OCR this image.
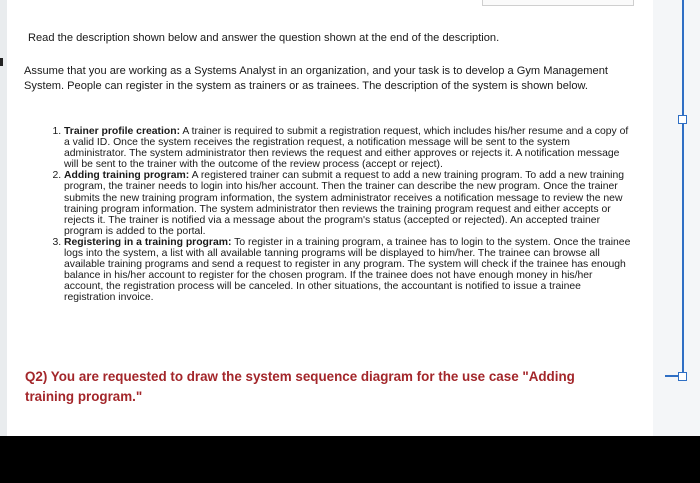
Read the description shown below and answer the question shown at the end of the description.

Assume that you are working as a Systems Analyst in an organization, and your task is to develop a Gym Management System. People can register in the system as trainers or as trainees. The description of the system is shown below.

1. Trainer profile creation: A trainer is required to submit a registration request, which includes his/her resume and a copy of a valid ID. Once the system receives the registration request, a notification message will be sent to the system administrator. The system administrator then reviews the request and either approves or rejects it. A notification message will be sent to the trainer with the outcome of the review process (accept or reject).
2. Adding training program: A registered trainer can submit a request to add a new training program. To add a new training program, the trainer needs to login into his/her account. Then the trainer can describe the new program. Once the trainer submits the new training program information, the system administrator receives a notification message to review the new training program information. The system administrator then reviews the training program request and either accepts or rejects it. The trainer is notified via a message about the program's status (accepted or rejected). An accepted trainer program is added to the portal.
3. Registering in a training program: To register in a training program, a trainee has to login to the system. Once the trainee logs into the system, a list with all available tanning programs will be displayed to him/her. The trainee can browse all available training programs and send a request to register in any program. The system will check if the trainee has enough balance in his/her account to register for the chosen program. If the trainee does not have enough money in his/her account, the registration process will be canceled. In other situations, the accountant is notified to issue a trainee registration invoice.

Q2) You are requested to draw the system sequence diagram for the use case "Adding training program."
